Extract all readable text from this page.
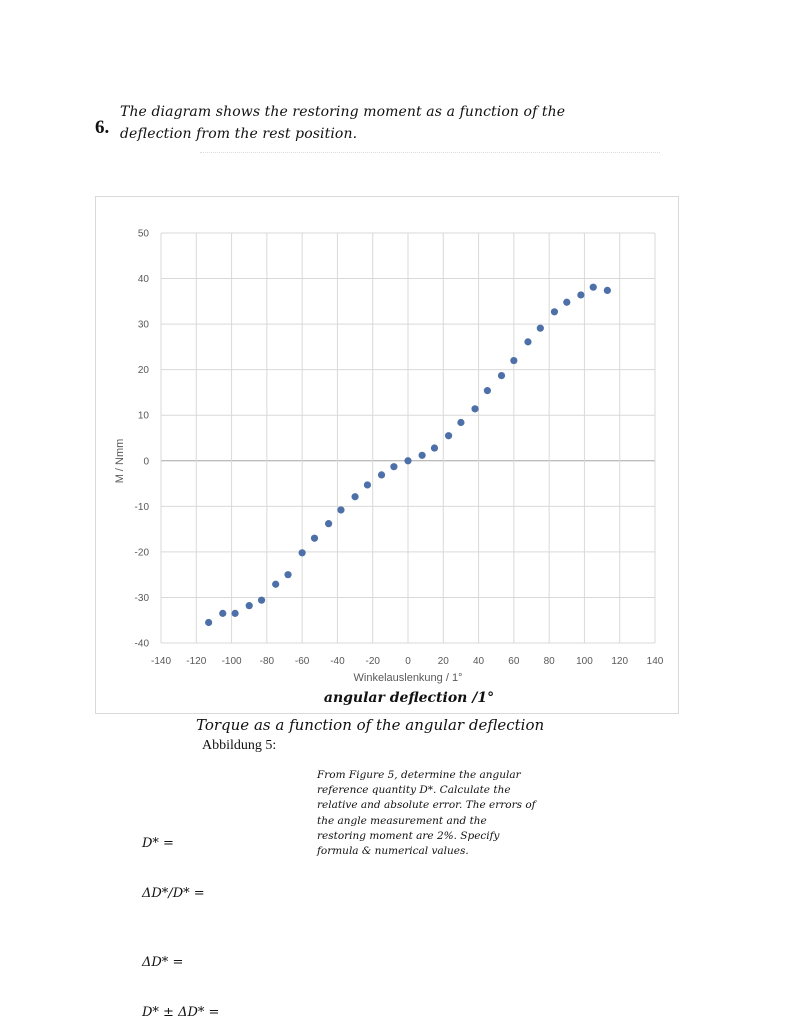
6.
The diagram shows the restoring moment as a function of the
deflection from the rest position.
-140 -120 -100 -80 -60 -40 -20	0	20 40 60 80 100 120 140
-40
-30
-20
-10
0
10
20
30
40
50
M / Nmm
Winkelauslenkung / 1°
angular deflection /1°
Torque as a function of the angular deflection
Abbildung 5:
From Figure 5, determine the angular
reference quantity D*. Calculate the
relative and absolute error. The errors of
the angle measurement and the
restoring moment are 2%. Specify
formula & numerical values.
D* =
ΔD*/D* =
ΔD* =
D* ± ΔD* =
